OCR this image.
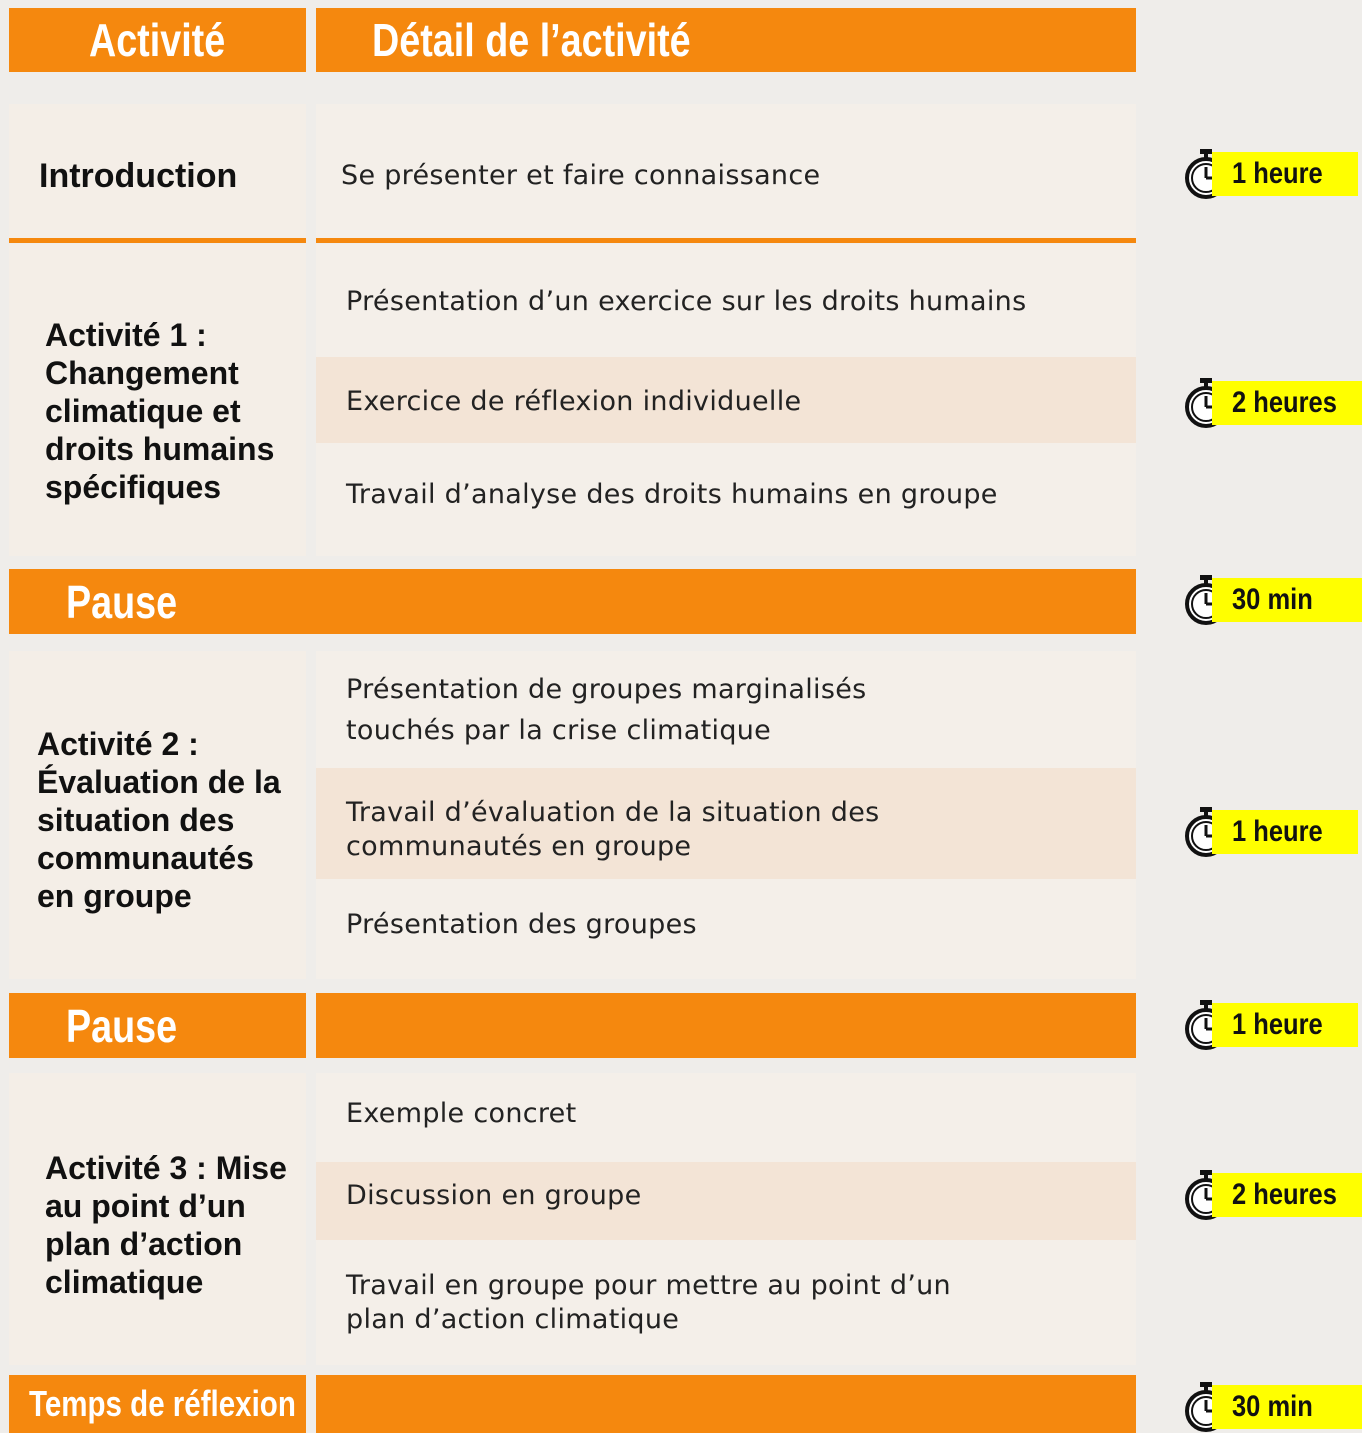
Activité	Détail de l’activité
Introduction	Se présenter et faire connaissance
Activité 1 :
Changement
climatique et
droits humains
spécifiques
Présentation d’un exercice sur les droits humains
Exercice de réflexion individuelle
Travail d’analyse des droits humains en groupe
Pause
Activité 2 :
Évaluation de la
situation des
communautés
en groupe
Présentation de groupes marginalisés
touchés par la crise climatique
Travail d’évaluation de la situation des
communautés en groupe
Présentation des groupes
Pause
Activité 3 : Mise
au point d’un
plan d’action
climatique
Exemple concret
Discussion en groupe
Travail en groupe pour mettre au point d’un
plan d’action climatique
Temps de réflexion
1 heure
2 heures
30 min
1 heure
1 heure
2 heures
30 min
